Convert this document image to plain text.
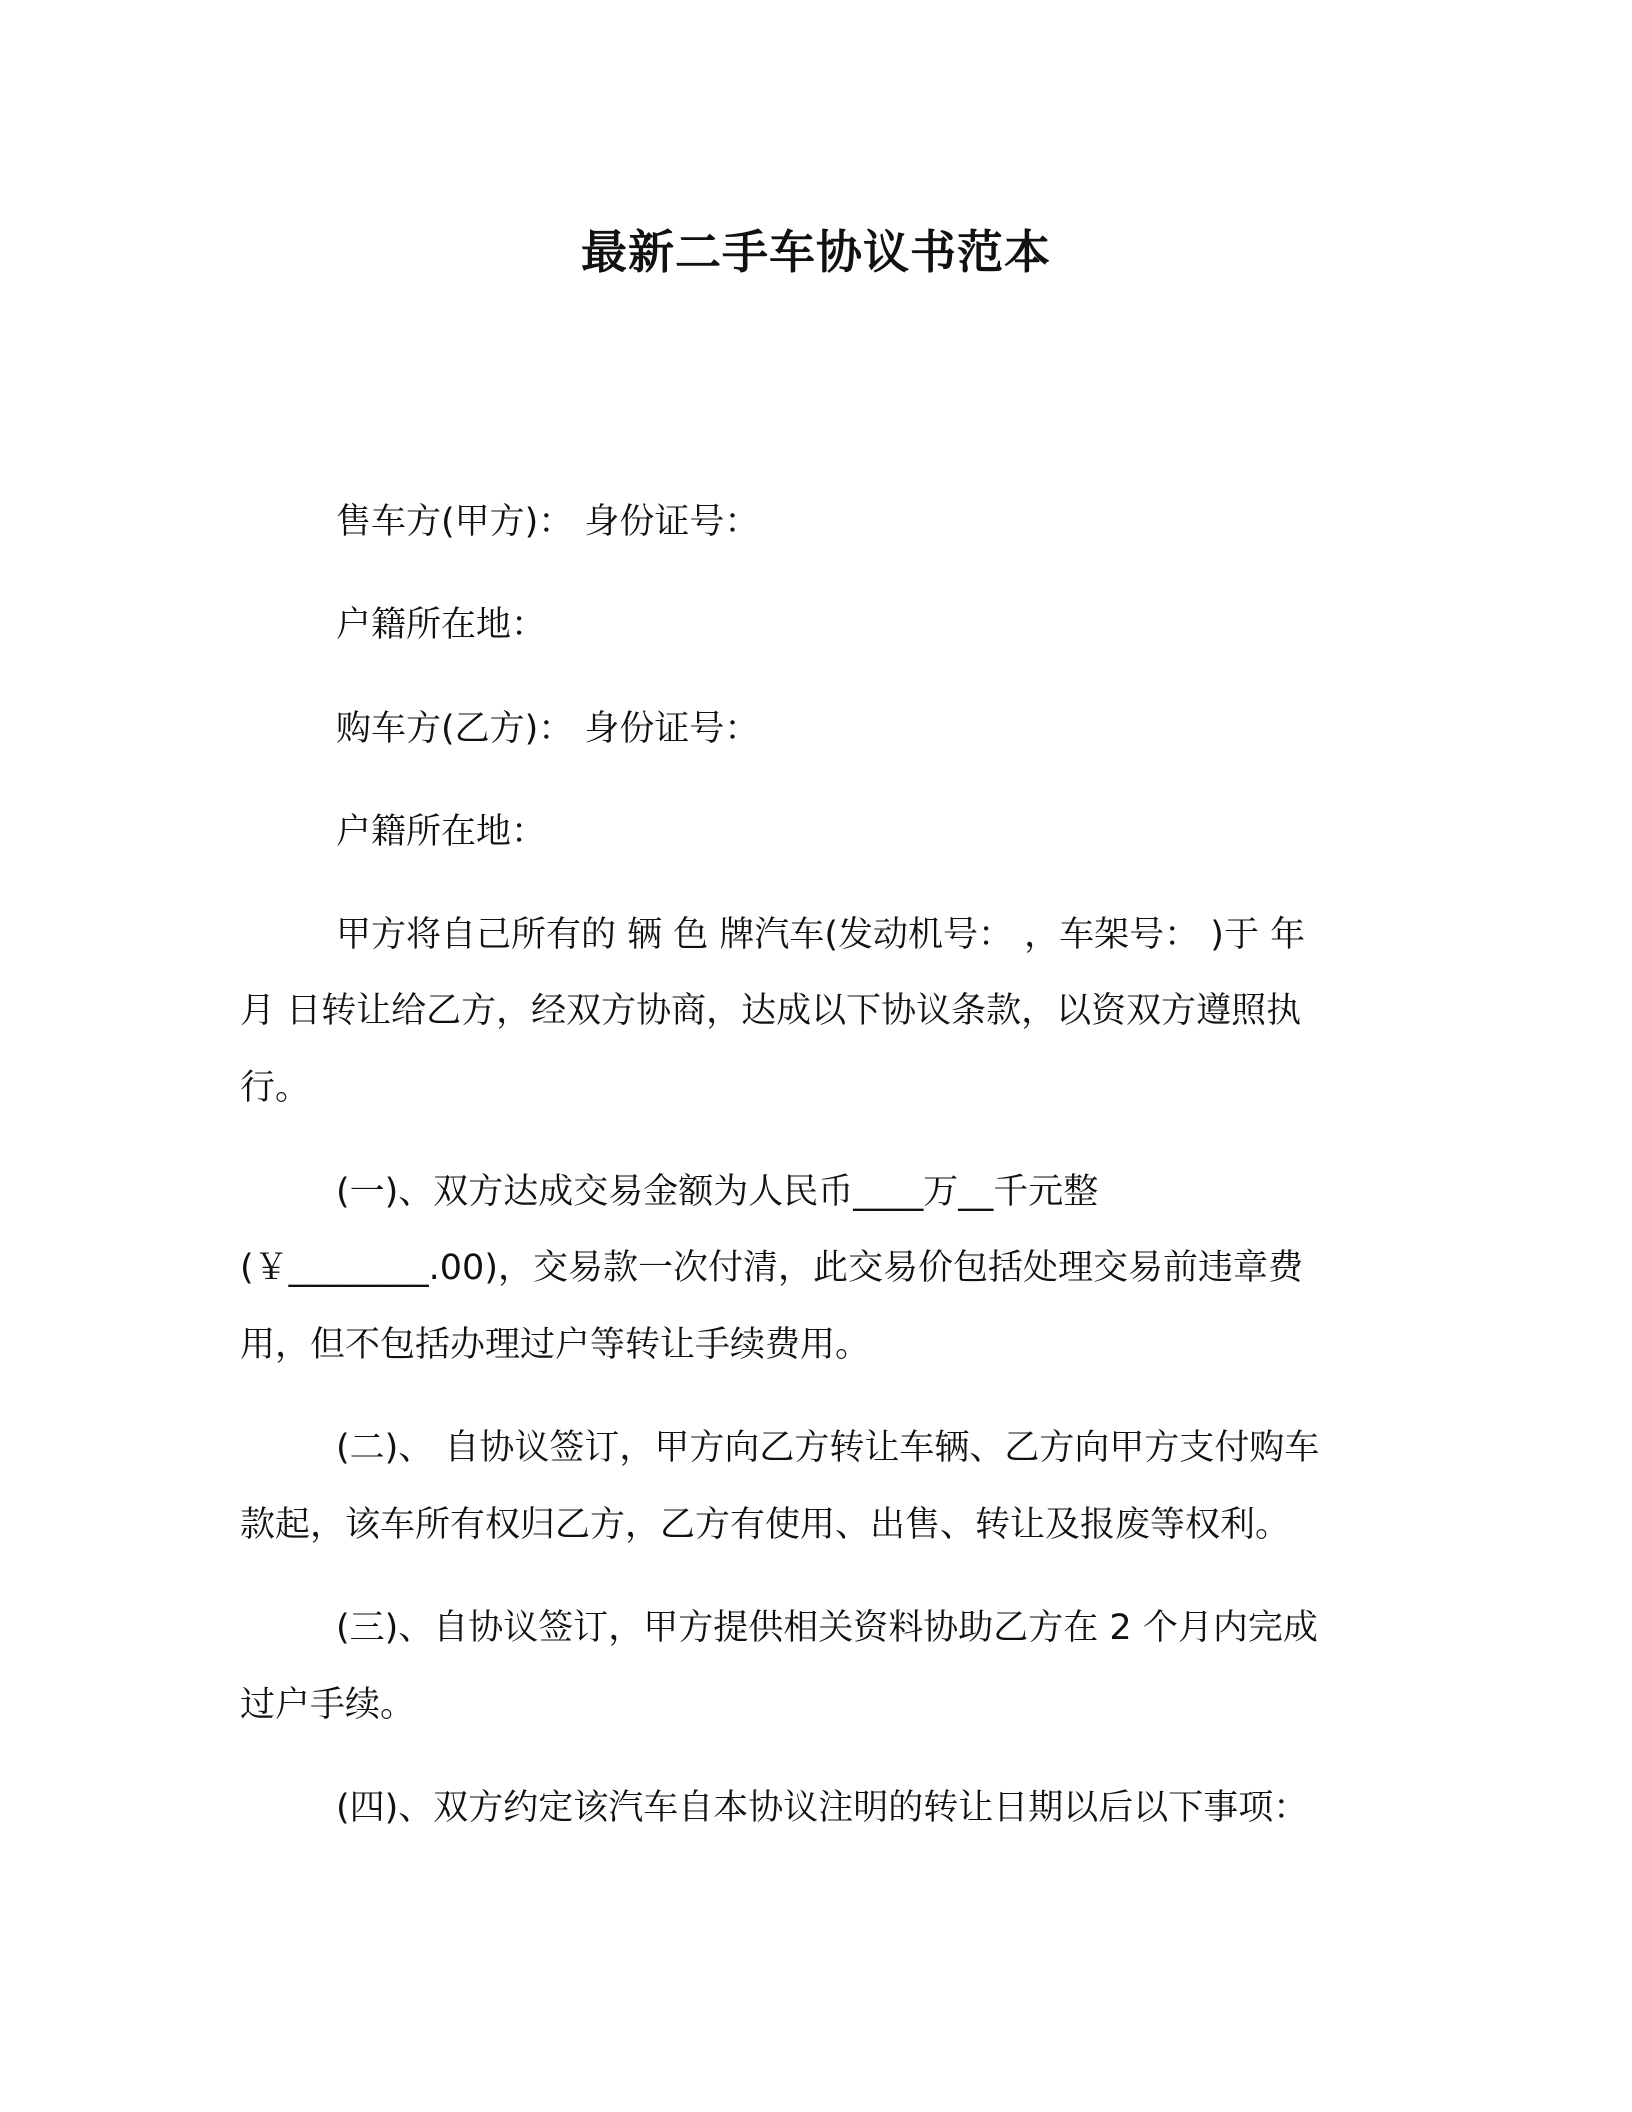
最新二手车协议书范本
售车方(甲方)： 身份证号：
户籍所在地：
购车方(乙方)： 身份证号：
户籍所在地：
甲方将自己所有的 辆 色 牌汽车(发动机号： ，车架号： )于 年
月 日转让给乙方，经双方协商，达成以下协议条款，以资双方遵照执
行。
(一)、双方达成交易金额为人民币____万__千元整
(￥________.00)，交易款一次付清，此交易价包括处理交易前违章费
用，但不包括办理过户等转让手续费用。
(二)、 自协议签订，甲方向乙方转让车辆、乙方向甲方支付购车
款起，该车所有权归乙方，乙方有使用、出售、转让及报废等权利。
(三)、自协议签订，甲方提供相关资料协助乙方在 2 个月内完成
过户手续。
(四)、双方约定该汽车自本协议注明的转让日期以后以下事项：
